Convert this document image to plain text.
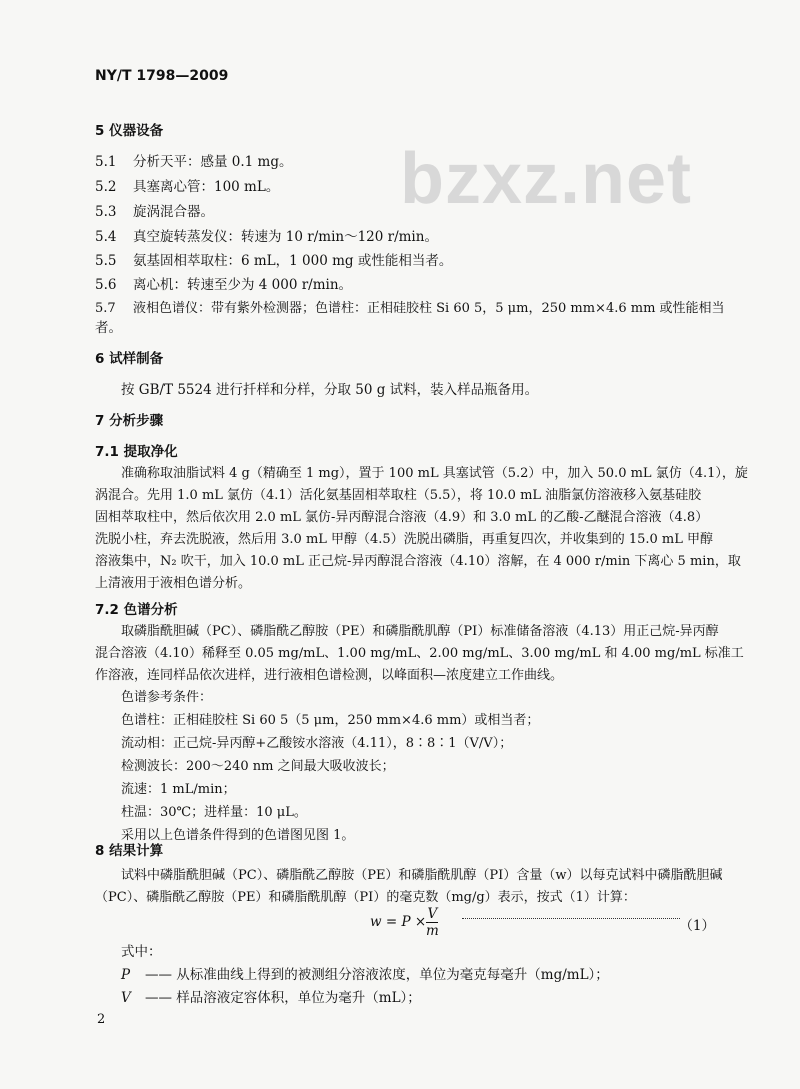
NY/T 1798—2009
bzxz.net
5 仪器设备
5.1 分析天平：感量 0.1 mg。
5.2 具塞离心管：100 mL。
5.3 旋涡混合器。
5.4 真空旋转蒸发仪：转速为 10 r/min～120 r/min。
5.5 氨基固相萃取柱：6 mL，1 000 mg 或性能相当者。
5.6 离心机：转速至少为 4 000 r/min。
5.7 液相色谱仪：带有紫外检测器；色谱柱：正相硅胶柱 Si 60 5，5 μm，250 mm×4.6 mm 或性能相当
者。
6 试样制备
按 GB/T 5524 进行扦样和分样，分取 50 g 试料，装入样品瓶备用。
7 分析步骤
7.1 提取净化
准确称取油脂试料 4 g（精确至 1 mg），置于 100 mL 具塞试管（5.2）中，加入 50.0 mL 氯仿（4.1），旋
涡混合。先用 1.0 mL 氯仿（4.1）活化氨基固相萃取柱（5.5），将 10.0 mL 油脂氯仿溶液移入氨基硅胶
固相萃取柱中，然后依次用 2.0 mL 氯仿-异丙醇混合溶液（4.9）和 3.0 mL 的乙酸-乙醚混合溶液（4.8）
洗脱小柱，弃去洗脱液，然后用 3.0 mL 甲醇（4.5）洗脱出磷脂，再重复四次，并收集到的 15.0 mL 甲醇
溶液集中，N₂ 吹干，加入 10.0 mL 正己烷-异丙醇混合溶液（4.10）溶解，在 4 000 r/min 下离心 5 min，取
上清液用于液相色谱分析。
7.2 色谱分析
取磷脂酰胆碱（PC）、磷脂酰乙醇胺（PE）和磷脂酰肌醇（PI）标准储备溶液（4.13）用正己烷-异丙醇
混合溶液（4.10）稀释至 0.05 mg/mL、1.00 mg/mL、2.00 mg/mL、3.00 mg/mL 和 4.00 mg/mL 标准工
作溶液，连同样品依次进样，进行液相色谱检测，以峰面积—浓度建立工作曲线。
色谱参考条件：
色谱柱：正相硅胶柱 Si 60 5（5 μm，250 mm×4.6 mm）或相当者；
流动相：正己烷-异丙醇+乙酸铵水溶液（4.11），8∶8∶1（V/V）；
检测波长：200～240 nm 之间最大吸收波长；
流速：1 mL/min；
柱温：30℃；进样量：10 μL。
采用以上色谱条件得到的色谱图见图 1。
8 结果计算
试料中磷脂酰胆碱（PC）、磷脂酰乙醇胺（PE）和磷脂酰肌醇（PI）含量（w）以每克试料中磷脂酰胆碱
（PC）、磷脂酰乙醇胺（PE）和磷脂酰肌醇（PI）的毫克数（mg/g）表示，按式（1）计算：
w = P × V

m	（1）
式中：
P —— 从标准曲线上得到的被测组分溶液浓度，单位为毫克每毫升（mg/mL）；
V —— 样品溶液定容体积，单位为毫升（mL）；
2
